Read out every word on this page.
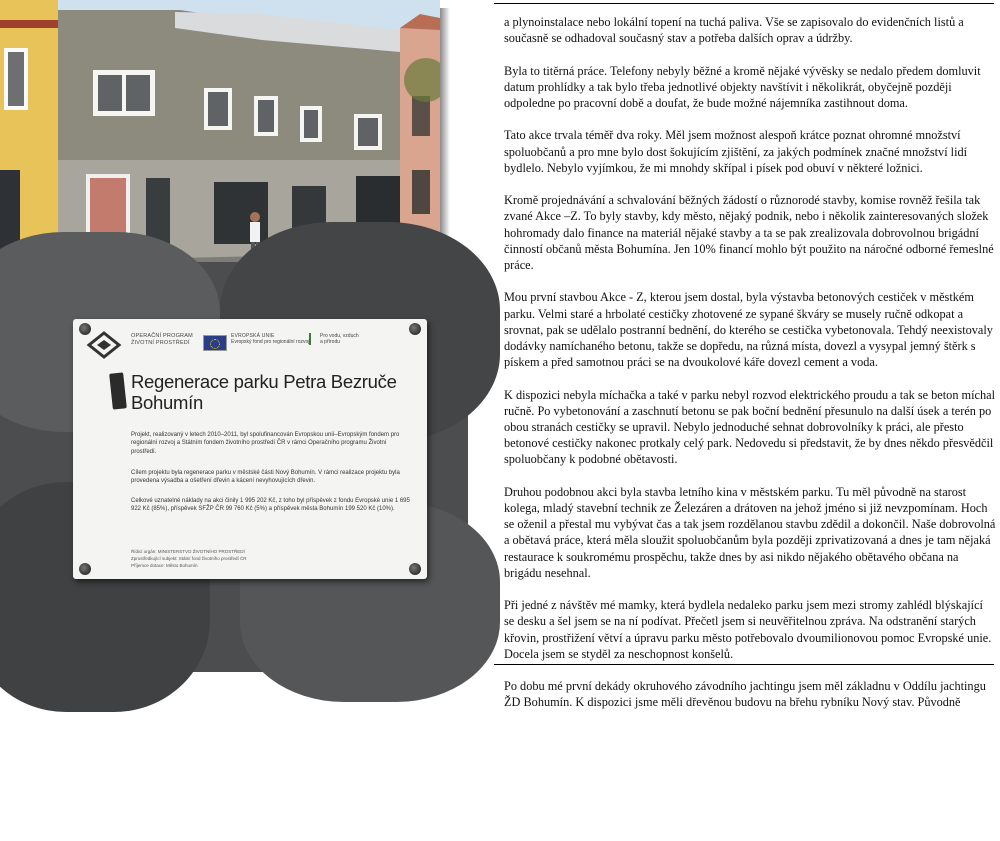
OPERAČNÍ PROGRAM ŽIVOTNÍ PROSTŘEDÍ
EVROPSKÁ UNIE
Evropský fond pro regionální rozvoj
Pro vodu, vzduch a přírodu
Regenerace parku Petra Bezruče
Bohumín
Projekt, realizovaný v letech 2010–2011, byl spolufinancován Evropskou unií–Evropským fondem pro regionální rozvoj a Státním fondem životního prostředí ČR v rámci Operačního programu Životní prostředí.
Cílem projektu byla regenerace parku v městské části Nový Bohumín. V rámci realizace projektu byla provedena výsadba a ošetření dřevin a kácení nevyhovujících dřevin.
Celkové uznatelné náklady na akci činily 1 995 202 Kč, z toho byl příspěvek z fondu Evropské unie 1 695 922 Kč (85%), příspěvek SFŽP ČR 99 760 Kč (5%) a příspěvek města Bohumín 199 520 Kč (10%).
Řídicí orgán: MINISTERSTVO ŽIVOTNÍHO PROSTŘEDÍ
Zprostředkující subjekt: Státní fond životního prostředí ČR
Příjemce dotace: Město Bohumín

a plynoinstalace nebo lokální topení na tuchá paliva. Vše se zapisovalo do evidenčních listů a současně se odhadoval současný stav a potřeba dalších oprav a údržby.

Byla to titěrná práce. Telefony nebyly běžné a kromě nějaké vývěsky se nedalo předem domluvit datum prohlídky a tak bylo třeba jednotlivé objekty navštívit i několikrát, obyčejně později odpoledne po pracovní době a doufat, že bude možné nájemníka zastihnout doma.

Tato akce trvala téměř dva roky. Měl jsem možnost alespoň krátce poznat ohromné množství spoluobčanů a pro mne bylo dost šokujícím zjištění, za jakých podmínek značné množství lidí bydlelo. Nebylo vyjímkou, že mi mnohdy skřípal i písek pod obuví v některé ložnici.

Kromě projednávání a schvalování běžných žádostí o různorodé stavby, komise rovněž řešila tak zvané Akce –Z. To byly stavby, kdy město, nějaký podnik, nebo i několik zainteresovaných složek hohromady dalo finance na materiál nějaké stavby a ta se pak zrealizovala dobrovolnou brigádní činností občanů města Bohumína. Jen 10% financí mohlo být použito na náročné odborné řemeslné práce.

Mou první stavbou Akce - Z, kterou jsem dostal, byla výstavba betonových cestiček v městkém parku. Velmi staré a hrbolaté cestičky zhotovené ze sypané škváry se musely ručně odkopat a srovnat, pak se udělalo postranní bednění, do kterého se cestička vybetonovala. Tehdý neexistovaly dodávky namíchaného betonu, takže se dopředu, na různá místa, dovezl a vysypal jemný štěrk s pískem a před samotnou práci se na dvoukolové káře dovezl cement a voda.

K dispozici nebyla míchačka a také v parku nebyl rozvod elektrického proudu a tak se beton míchal ručně. Po vybetonování a zaschnutí betonu se pak boční bednění přesunulo na další úsek a terén po obou stranách cestičky se upravil. Nebylo jednoduché sehnat dobrovolníky k práci, ale přesto betonové cestičky nakonec protkaly celý park. Nedovedu si představit, že by dnes někdo přesvědčil spoluobčany k podobné obětavosti.

Druhou podobnou akci byla stavba letního kina v městském parku. Tu měl původně na starost kolega, mladý stavební technik ze Železáren a drátoven na jehož jméno si již nevzpomínam. Hoch se oženil a přestal mu vybývat čas a tak jsem rozdělanou stavbu zdědil a dokončil. Naše dobrovolná a obětavá práce, která měla sloužit spoluobčanům byla později zprivatizovaná a dnes je tam nějaká restaurace k soukromému prospěchu, takže dnes by asi nikdo nějakého obětavého občana na brigádu nesehnal.

Při jedné z návštěv mé mamky, která bydlela nedaleko parku jsem mezi stromy zahlédl blýskající se desku a šel jsem se na ní podívat. Přečetl jsem si neuvěřitelnou zpráva. Na odstranění starých křovin, prostřižení větví a úpravu parku město potřebovalo dvoumilionovou pomoc Evropské unie. Docela jsem se styděl za neschopnost konšelů.

Po dobu mé první dekády okruhového závodního jachtingu jsem měl základnu v Oddílu jachtingu ŽD Bohumín. K dispozici jsme měli dřevěnou budovu na břehu rybníku Nový stav. Původně
